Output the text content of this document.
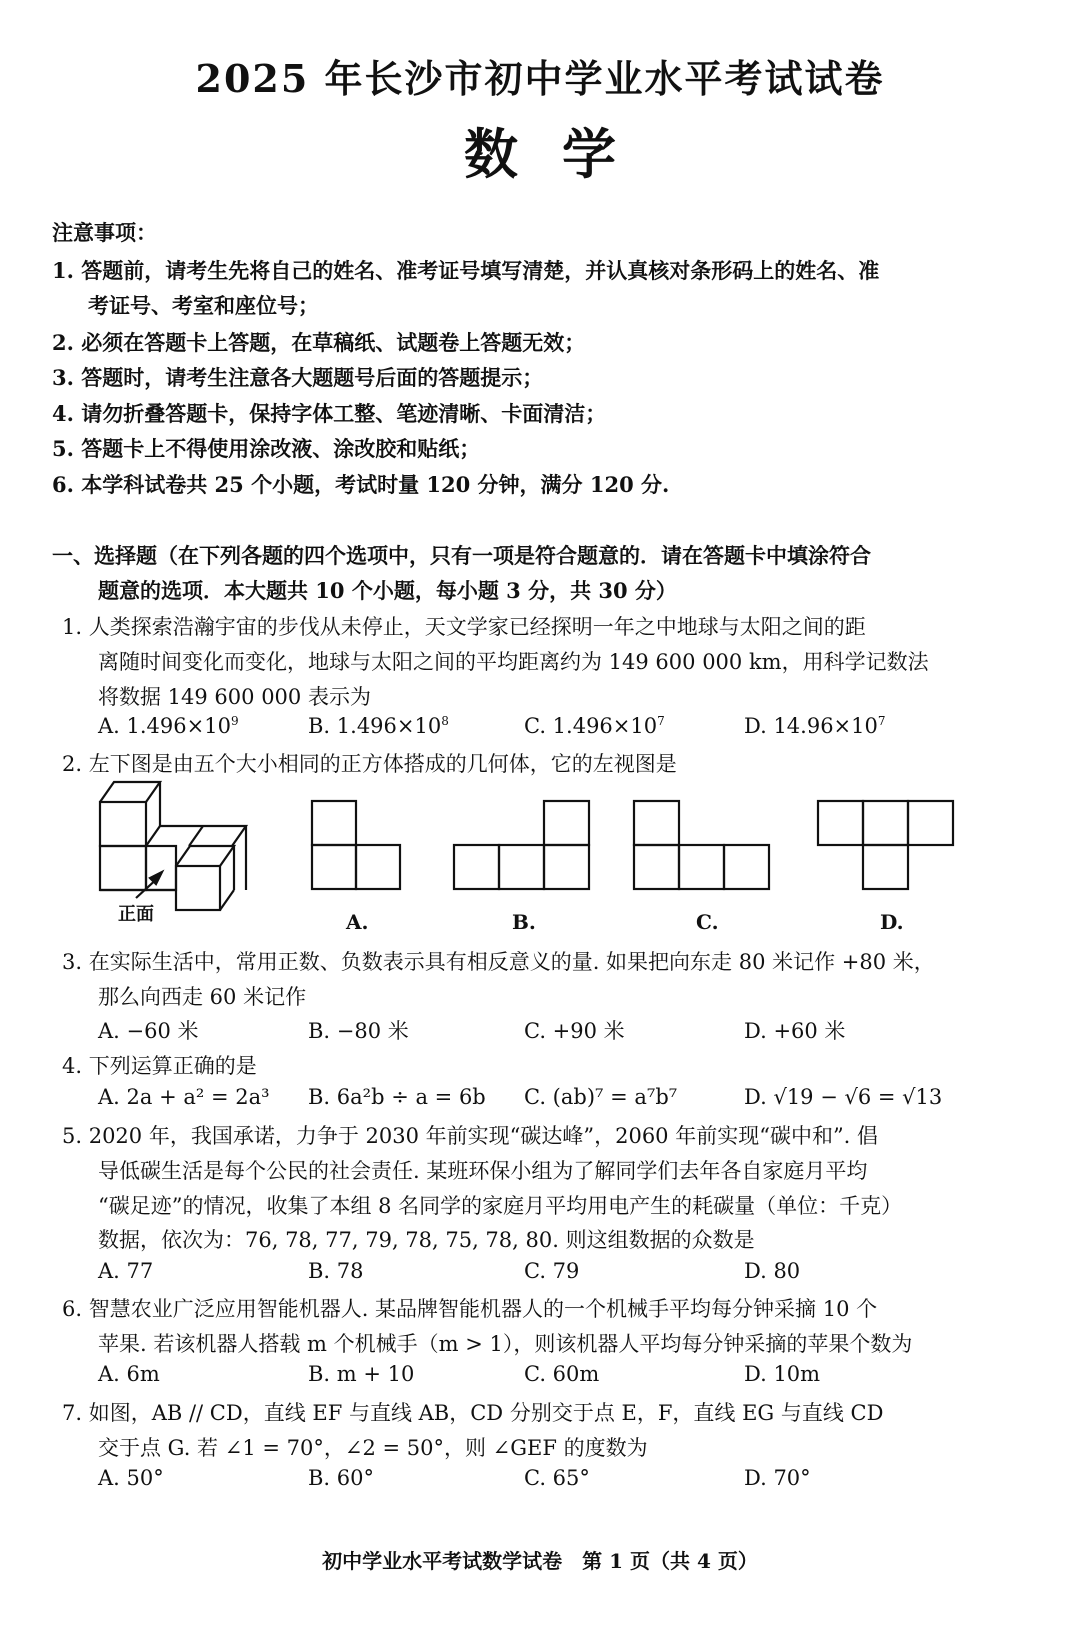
2025 年长沙市初中学业水平考试试卷
数学
注意事项：
1. 答题前，请考生先将自己的姓名、准考证号填写清楚，并认真核对条形码上的姓名、准
考证号、考室和座位号；
2. 必须在答题卡上答题，在草稿纸、试题卷上答题无效；
3. 答题时，请考生注意各大题题号后面的答题提示；
4. 请勿折叠答题卡，保持字体工整、笔迹清晰、卡面清洁；
5. 答题卡上不得使用涂改液、涂改胶和贴纸；
6. 本学科试卷共 25 个小题，考试时量 120 分钟，满分 120 分.
一、选择题（在下列各题的四个选项中，只有一项是符合题意的．请在答题卡中填涂符合
题意的选项．本大题共 10 个小题，每小题 3 分，共 30 分）
1. 人类探索浩瀚宇宙的步伐从未停止，天文学家已经探明一年之中地球与太阳之间的距
离随时间变化而变化，地球与太阳之间的平均距离约为 149 600 000 km，用科学记数法
将数据 149 600 000 表示为
A. $1.496\times 10^9$	B. $1.496\times 10^8$	C. $1.496\times 10^7$	D. $14.96\times 10^7$
2. 左下图是由五个大小相同的正方体搭成的几何体，它的左视图是
正面	A.	B.	C.	D.
3. 在实际生活中，常用正数、负数表示具有相反意义的量. 如果把向东走 80 米记作 +80 米，
那么向西走 60 米记作
A. −60 米	B. −80 米	C. +90 米	D. +60 米
4. 下列运算正确的是
A. 2a + a² = 2a³ B. 6a²b ÷ a = 6b C. (ab)⁷ = a⁷b⁷	D. √19 − √6 = √13
5. 2020 年，我国承诺，力争于 2030 年前实现“碳达峰”，2060 年前实现“碳中和”. 倡
导低碳生活是每个公民的社会责任. 某班环保小组为了解同学们去年各自家庭月平均
“碳足迹”的情况，收集了本组 8 名同学的家庭月平均用电产生的耗碳量（单位：千克）
数据，依次为：76, 78, 77, 79, 78, 75, 78, 80. 则这组数据的众数是
A. 77	B. 78	C. 79	D. 80
6. 智慧农业广泛应用智能机器人. 某品牌智能机器人的一个机械手平均每分钟采摘 10 个
苹果. 若该机器人搭载 m 个机械手（m > 1），则该机器人平均每分钟采摘的苹果个数为
A. 6m	B. m + 10	C. 60m	D. 10m
7. 如图，AB // CD，直线 EF 与直线 AB，CD 分别交于点 E，F，直线 EG 与直线 CD
交于点 G. 若 ∠1 = 70°，∠2 = 50°，则 ∠GEF 的度数为
A. 50°	B. 60°	C. 65°	D. 70°
初中学业水平考试数学试卷　第 1 页（共 4 页）
